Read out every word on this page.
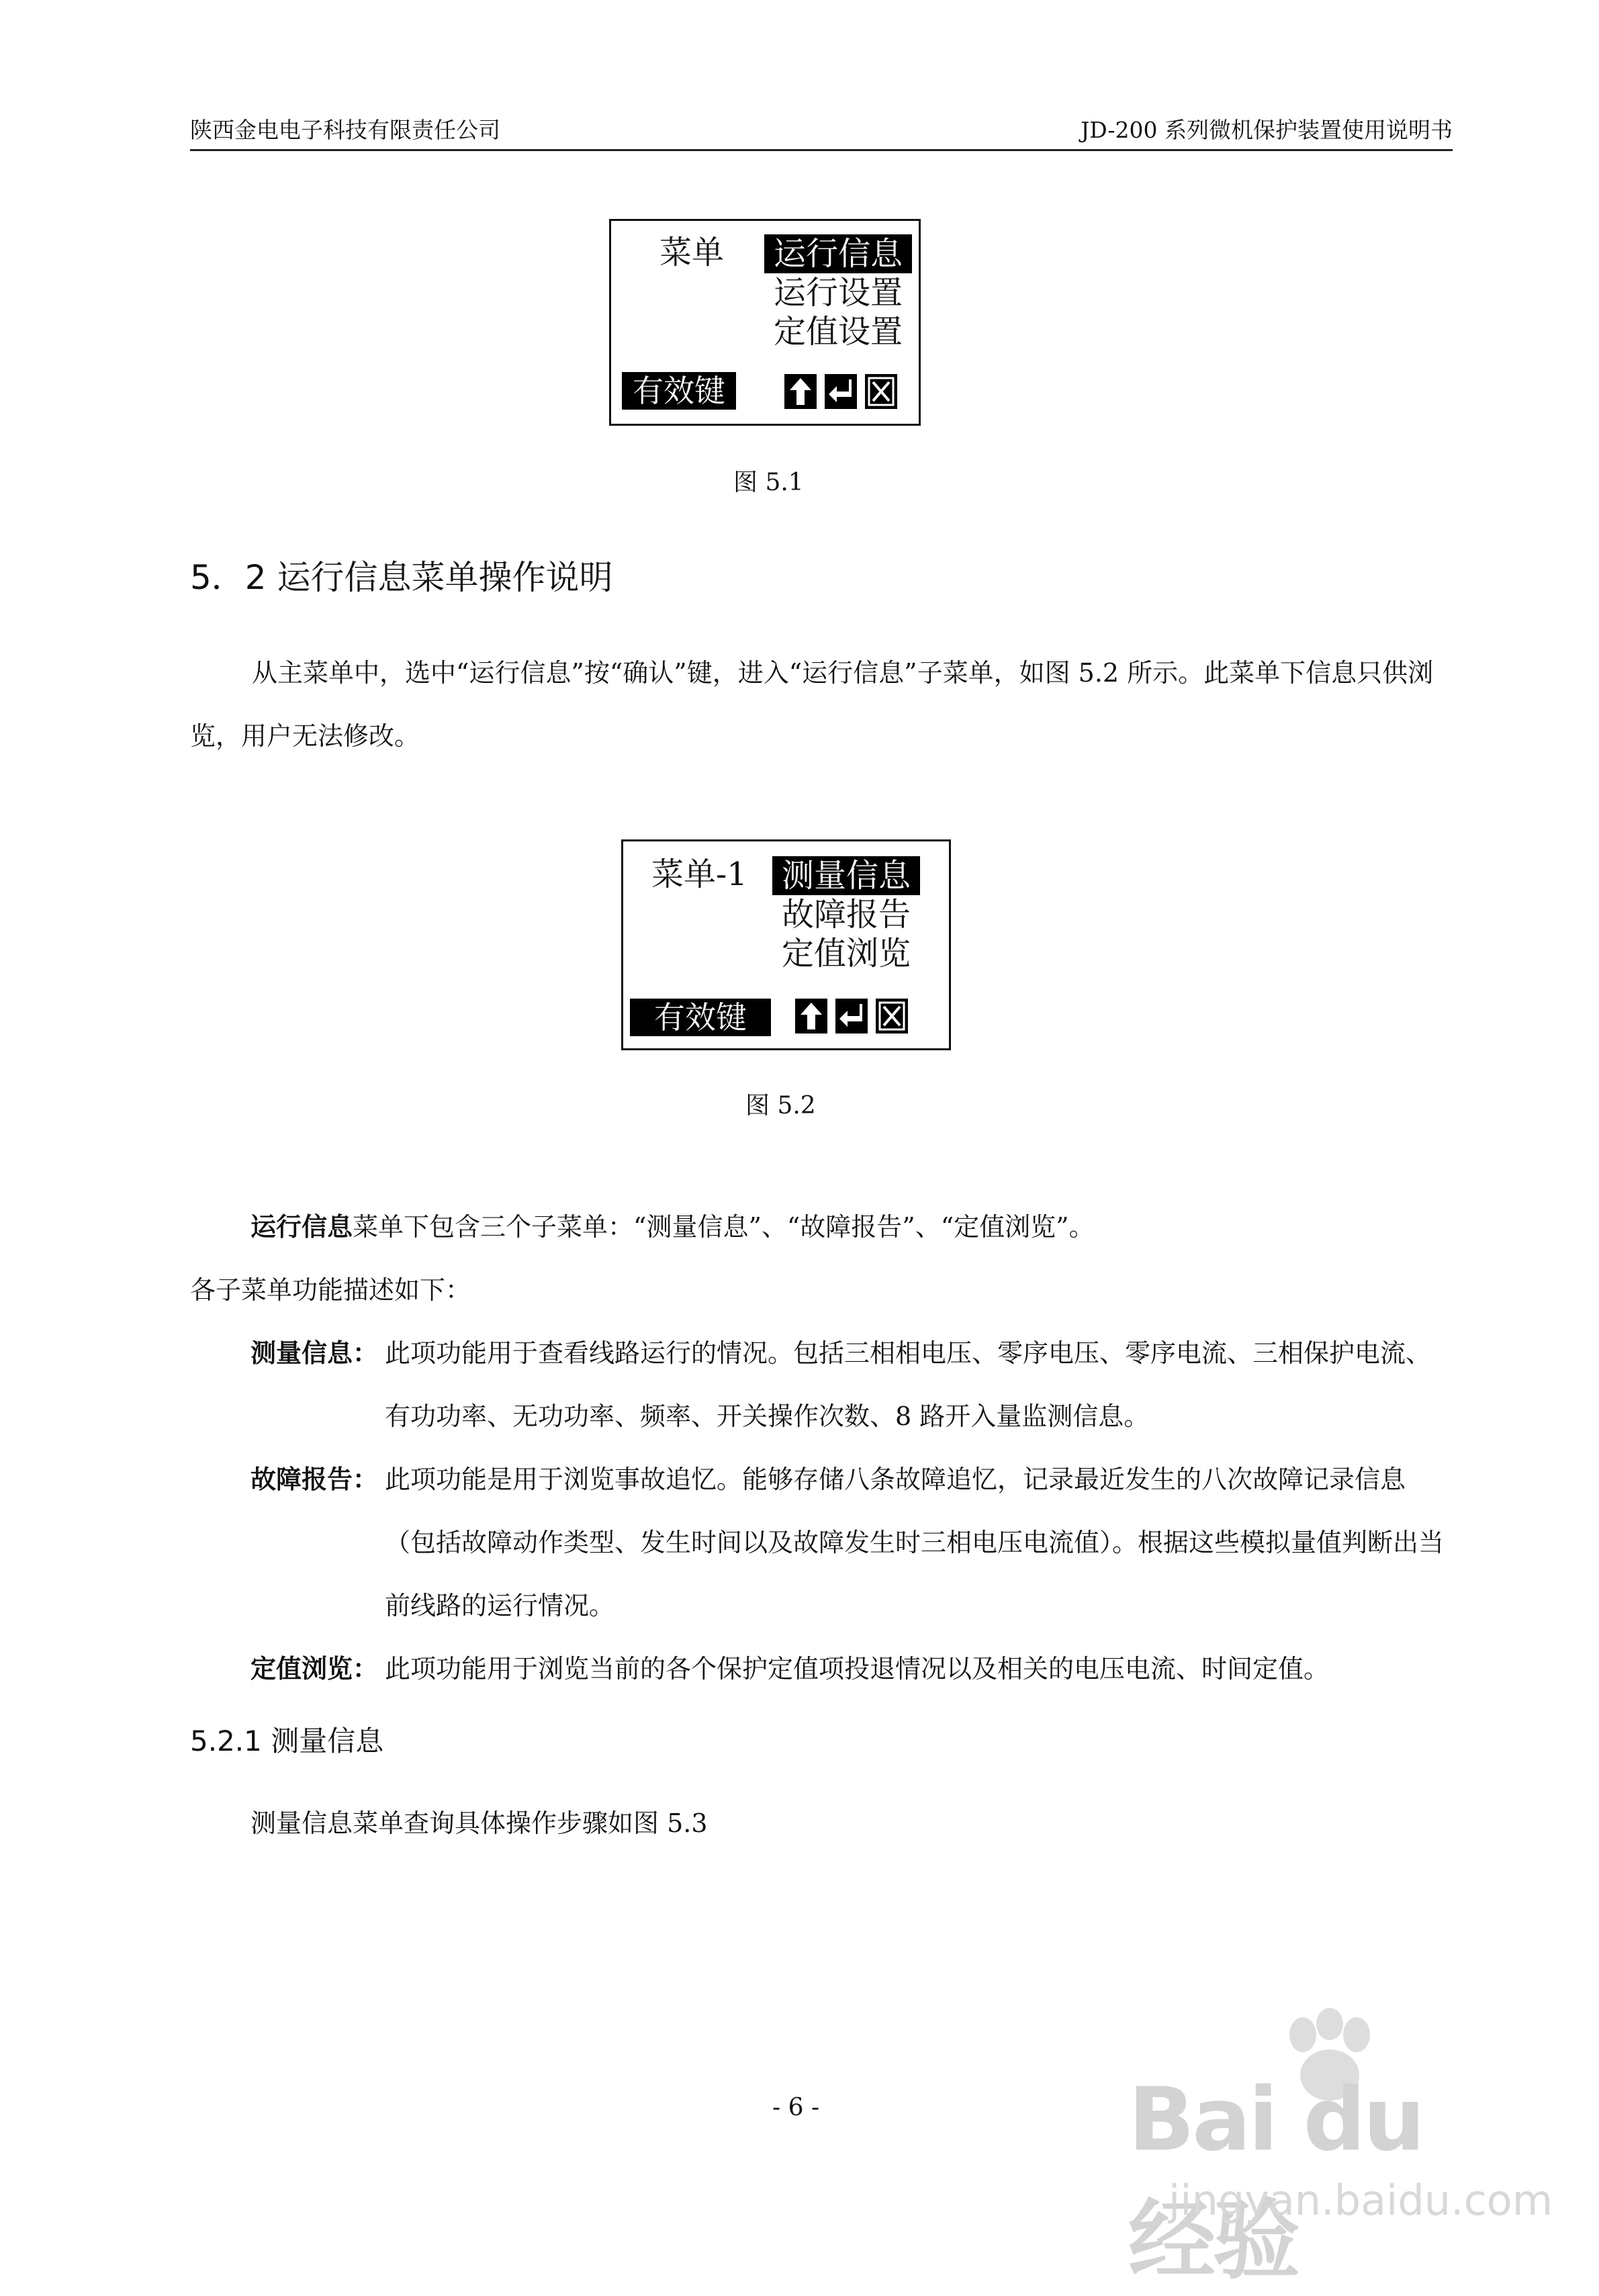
陕西金电电子科技有限责任公司	JD-200 系列微机保护装置使用说明书
菜单 运行信息
运行设置
定值设置
有效键
图 5.1
5．2 运行信息菜单操作说明
从主菜单中，选中“运行信息”按“确认”键，进入“运行信息”子菜单，如图 5.2 所示。此菜单下信息只供浏览，用户无法修改。
菜单-1 测量信息
故障报告
定值浏览
有效键
图 5.2
运行信息菜单下包含三个子菜单：“测量信息”、“故障报告”、“定值浏览”。
各子菜单功能描述如下：
测量信息： 此项功能用于查看线路运行的情况。包括三相相电压、零序电压、零序电流、三相保护电流、有功功率、无功功率、频率、开关操作次数、8 路开入量监测信息。
故障报告： 此项功能是用于浏览事故追忆。能够存储八条故障追忆，记录最近发生的八次故障记录信息（包括故障动作类型、发生时间以及故障发生时三相电压电流值）。根据这些模拟量值判断出当前线路的运行情况。
定值浏览： 此项功能用于浏览当前的各个保护定值项投退情况以及相关的电压电流、时间定值。
5.2.1 测量信息
测量信息菜单查询具体操作步骤如图 5.3
- 6 -	Bai du 经验
jingyan.baidu.com
